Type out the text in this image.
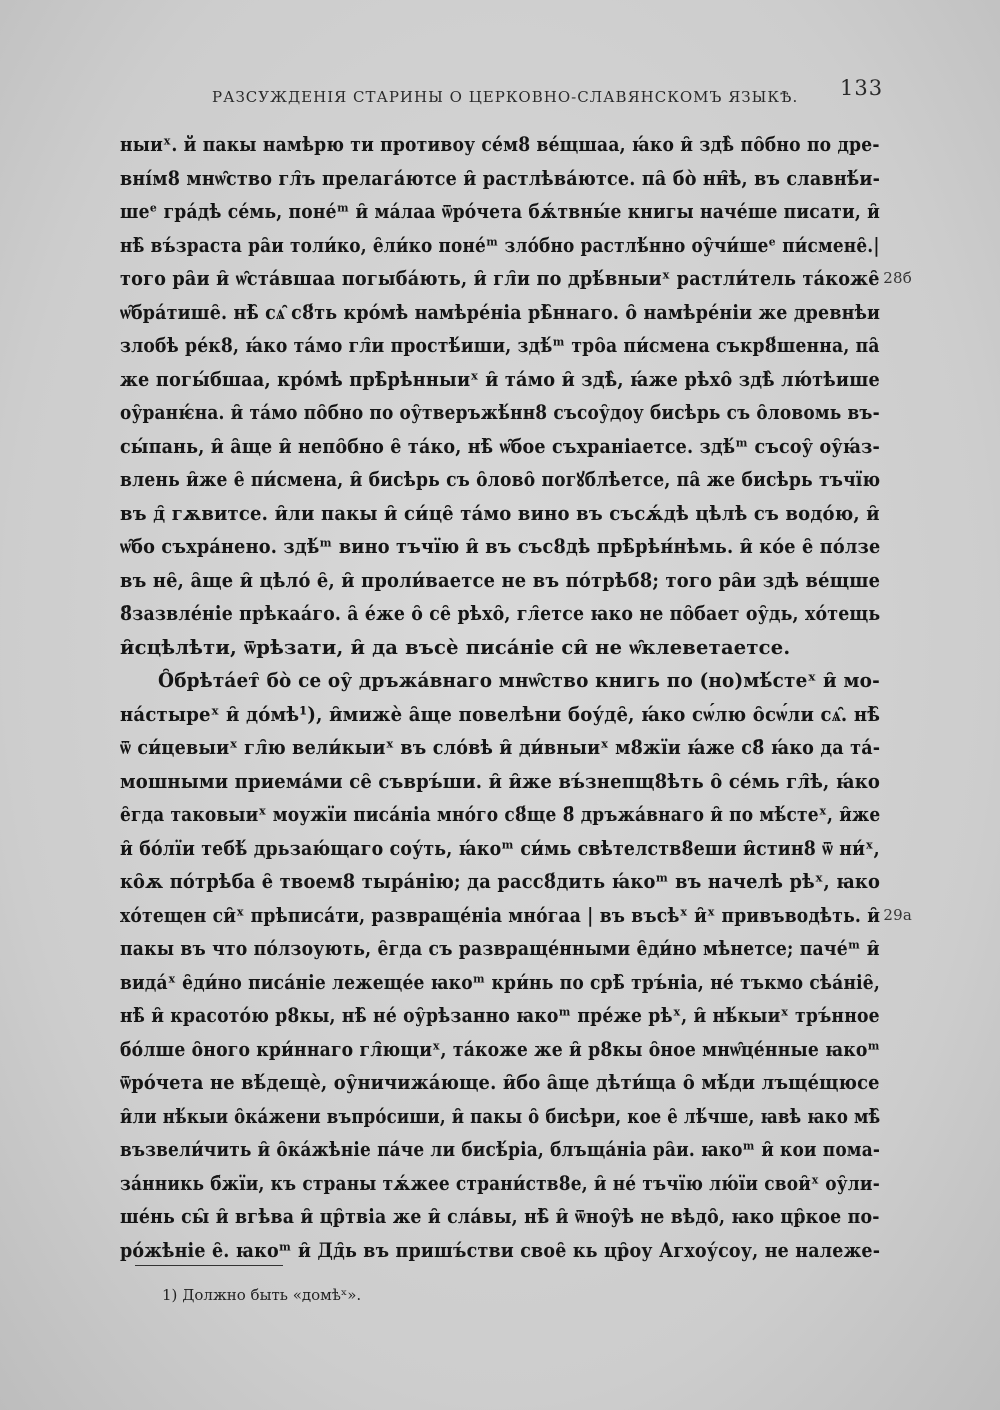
РАЗСУЖДЕНІЯ СТАРИНЫ О ЦЕРКОВНО-СЛАВЯНСКОМЪ ЯЗЫКѢ. 133
ныиˣ. й пакы намѣрю ти противоу се́м8 ве́щшаа, ꙗ́ко и̑ здѣ̀ по̑бно по дре-
вні́м8 мнѡ̑ство гл̑ъ прелага́ютсе и̑ растлѣва́ютсе. па̑ бо̀ нн̑ѣ, въ славнѣ́и-
шеᵉ гра́дѣ се́мь, поне́ᵐ и̑ ма́лаа ѿро́чета бѫ́твны́е книгы наче́ше писати, и̑
нѣ̑ въ́зраста ра̑и толи́ко, е̑ли́ко поне́ᵐ зло́бно растлѣ́нно оу̑чи́шеᵉ пи́смене̑.|
того ра̑и и̑ ѡ̑ста́вшаа погыба́ють, и̑ гл̑и по дрѣ́вныиˣ растли́тель та́коже̑ 28б
ѡ̑бра́тише̑. нѣ̑ сѧ̑ с8́ть кро́мѣ намѣре́ніа рѣ̑ннаго. о̑ намѣре́ніи же древнѣи
злобѣ ре́к8, ꙗ́ко та́мо гл̑и простѣ́иши, здѣ́ᵐ тро̑а пи́смена съкр8́шенна, па̑
же погы́бшаа, кро́мѣ прѣ̑рѣнныиˣ и̑ та́мо и̑ здѣ̀, ꙗ́же рѣхо̑ здѣ̀ лю́тѣише
оу̑ранѥ́на. и̑ та́мо по̑бно по оу̑тверъжѣ́нн8 съсоу̑доу бисѣрь съ о̑ловомь въ-
сы́пань, и̑ а̑ще и̑ непо̑бно е̑ та́ко, нѣ̑ ѡ̑бое съхраніаетсе. здѣ́ᵐ съсоу̑ оу̑ꙗ́з-
влень и̑же е̑ пи́смена, и̑ бисѣрь съ о̑лово̑ погꙋблѣетсе, па̑ же бисѣрь тъчїю
въ д̑ гѫвитсе. и̑ли пакы и̑ си́це̑ та́мо вино въ съсѫ́дѣ цѣлѣ съ водо́ю, и̑
ѡ̑бо съхра́нено. здѣ́ᵐ вино тъчїю и̑ въ със8дѣ прѣ̑рѣн́нѣмь. и̑ ко́е е̑ по́лзе
въ не̑, а̑ще и̑ цѣло́ е̑, и̑ проли́ваетсе не въ по́трѣб8; того ра̑и здѣ ве́щше
8̑зазвле́ніе прѣкаа́го. а̑ е́же о̑ се̑ рѣхо̑, гл̑етсе ꙗко не по̑бает оу̑дь, хо́тещь
и̑сцѣлѣти, ѿрѣзати, и̑ да въсѐ писа́ніе си̑ не ѡ̑клеветаетсе.
О̑брѣта́ет̑ бо̀ се оу̑ дръжа́внаго мнѡ̑ство книгь по (но)мѣ́стеˣ и̑ мо-
на́стыреˣ и̑ до́мѣ¹), и̑мижѐ а̑ще повелѣни боу́де̑, ꙗ́ко сѡ́лю о̑сѡ́ли сѧ̑. нѣ̑
ѿ си́цевыиˣ гл̑ю вели́кыиˣ въ сло́вѣ и̑ ди́вныиˣ м8жїи ꙗ́же с8̑ ꙗ́ко да та́-
мошными приема́ми се̑ съвръ́ши. и̑ и̑же въ́знепщ8ѣть о̑ се́мь гл̑ѣ, ꙗ́ко
е̑гда таковыиˣ моужїи писа́ніа мно́го с8́ще 8̑ дръжа́внаго и̑ по мѣ́стеˣ, и̑же
и̑ бо́лїи тебѣ́ дрьзаю́щаго соу́ть, ꙗ́коᵐ си́мь свѣтелств8еши и̑стин8 ѿ ни́ˣ,
ко̑ѫ по́трѣба е̑ твоем8 тыра́нію; да расс8́дить ꙗ́коᵐ въ начелѣ рѣˣ, ꙗко
хо́тещен си̑ˣ прѣписа́ти, развраще́ніа мно́гаа | въ въсѣˣ и̑ˣ привъводѣть. и̑ 29а
пакы въ что по́лзоують, е̑гда съ развраще́нными е̑ди́но мѣнетсе; паче́ᵐ и̑
вида́ˣ е̑ди́но писа́ніе лежеще́е ꙗкоᵐ кри́нь по срѣ̑ тръ́ніа, не́ тъкмо сѣа́ніе̑,
нѣ̑ и̑ красото́ю р8кы, нѣ̑ не́ оу̑рѣзанно ꙗкоᵐ пре́же рѣˣ, и̑ нѣ́кыиˣ тръ́нное
бо́лше о̑ного кри́ннаго гл̑ющиˣ, та́коже же и̑ р8кы о̑ное мнѡ̑це́нные ꙗкоᵐ
ѿро́чета не вѣ́дещѐ, оу̑ничижа́юще. и̑бо а̑ще дѣти́ща о̑ мѣ́ди лъще́щюсе
и̑ли нѣ́кыи о̑ка́жени въпро́сиши, и̑ пакы о̑ бисѣри, кое е̑ лѣ́чше, ꙗвѣ ꙗко мѣ̑
възвели́чить и̑ о̑ка́жѣніе па́че ли бисѣ́ріа, блъща́ніа ра̑и. ꙗкоᵐ и̑ кои пома-
за́нникь б̑жїи, къ страны тѫ́жее страни́ств8е, и̑ не́ тъчїю лю́їи свои̑ˣ оу̑ли-
ше́нь сы̑ и̑ вгѣва и̑ цр̑твіа же и̑ сла́вы, нѣ̑ и̑ ѿноу̑ѣ не вѣдо̑, ꙗко цр̑кое по-
ро́жѣніе е̑. ꙗкоᵐ и̑ Дд̑ь въ пришъ́стви свое̑ кь цр̑оу Агхоу́соу, не належе-
1) Должно быть «домѣˣ».
